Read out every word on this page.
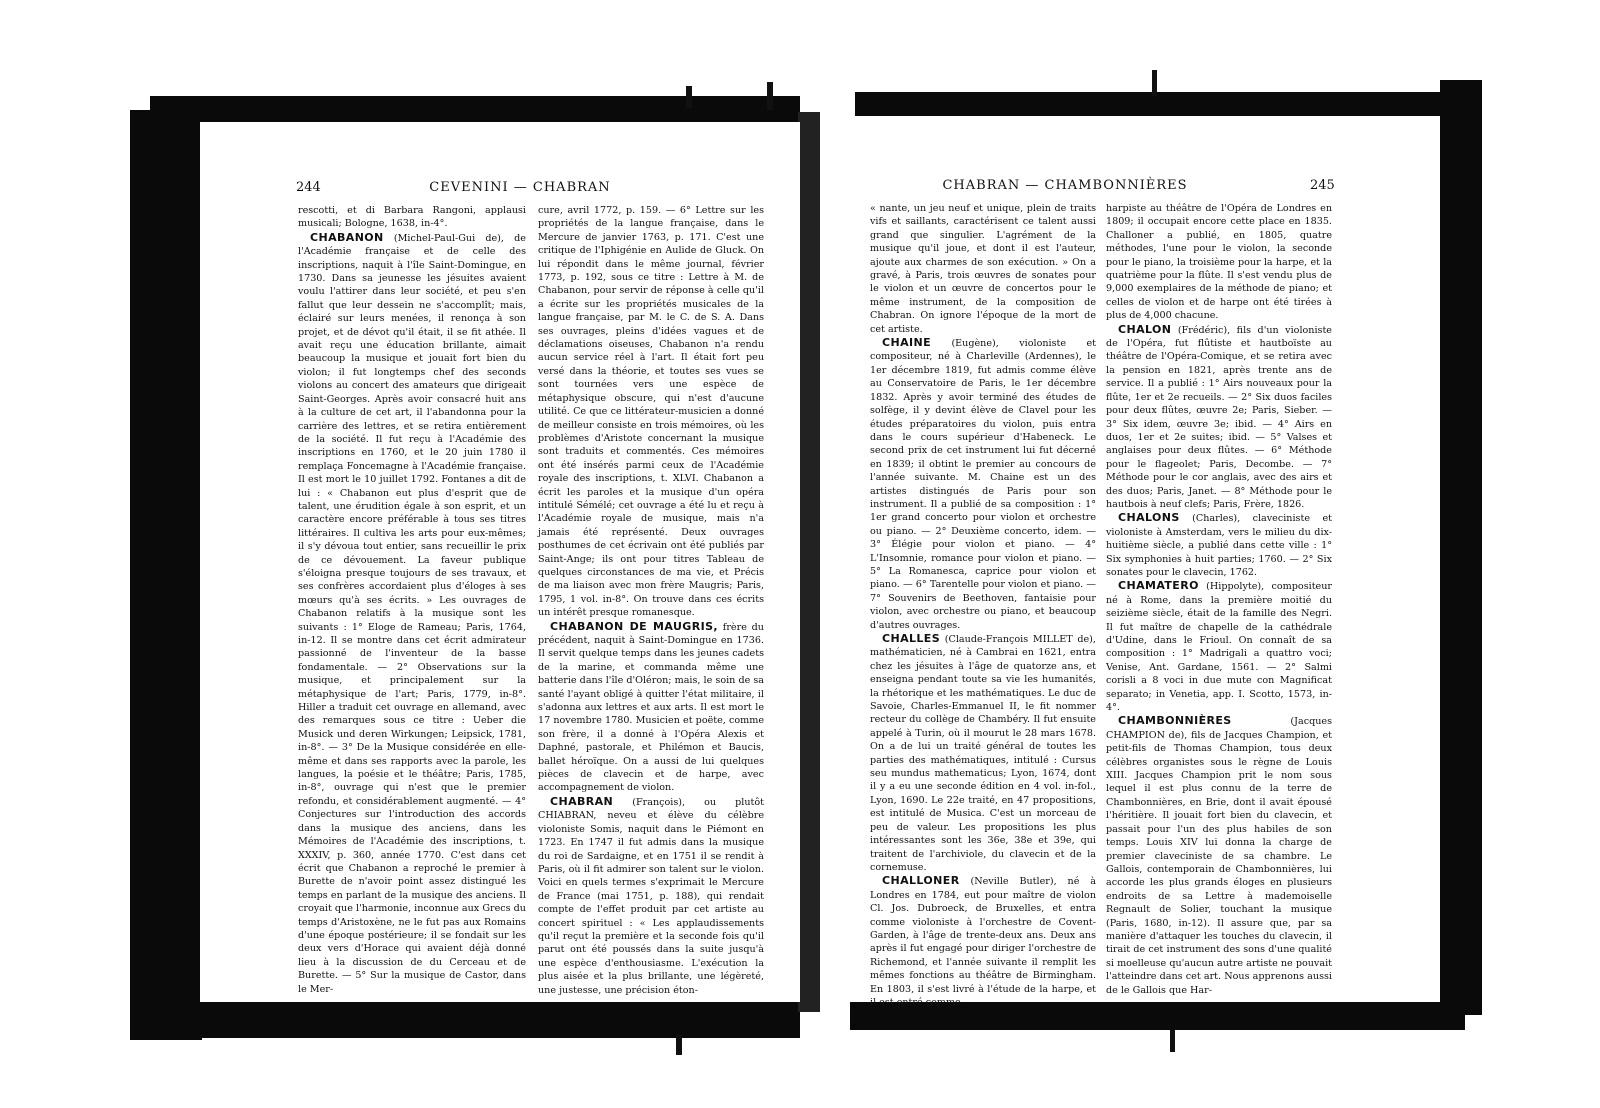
244	CEVENINI — CHABRAN

rescotti, et di Barbara Rangoni, applausi musicali; Bologne, 1638, in-4°.

CHABANON (Michel-Paul-Gui de), de l'Académie française et de celle des inscriptions, naquit à l'île Saint-Domingue, en 1730. Dans sa jeunesse les jésuites avaient voulu l'attirer dans leur société, et peu s'en fallut que leur dessein ne s'accomplît; mais, éclairé sur leurs menées, il renonça à son projet, et de dévot qu'il était, il se fit athée. Il avait reçu une éducation brillante, aimait beaucoup la musique et jouait fort bien du violon; il fut longtemps chef des seconds violons au concert des amateurs que dirigeait Saint-Georges. Après avoir consacré huit ans à la culture de cet art, il l'abandonna pour la carrière des lettres, et se retira entièrement de la société. Il fut reçu à l'Académie des inscriptions en 1760, et le 20 juin 1780 il remplaça Foncemagne à l'Académie française. Il est mort le 10 juillet 1792. Fontanes a dit de lui : « Chabanon eut plus d'esprit que de talent, une érudition égale à son esprit, et un caractère encore préférable à tous ses titres littéraires. Il cultiva les arts pour eux-mêmes; il s'y dévoua tout entier, sans recueillir le prix de ce dévouement. La faveur publique s'éloigna presque toujours de ses travaux, et ses confrères accordaient plus d'éloges à ses mœurs qu'à ses écrits. » Les ouvrages de Chabanon relatifs à la musique sont les suivants : 1° Eloge de Rameau; Paris, 1764, in-12. Il se montre dans cet écrit admirateur passionné de l'inventeur de la basse fondamentale. — 2° Observations sur la musique, et principalement sur la métaphysique de l'art; Paris, 1779, in-8°. Hiller a traduit cet ouvrage en allemand, avec des remarques sous ce titre : Ueber die Musick und deren Wirkungen; Leipsick, 1781, in-8°. — 3° De la Musique considérée en elle-même et dans ses rapports avec la parole, les langues, la poésie et le théâtre; Paris, 1785, in-8°, ouvrage qui n'est que le premier refondu, et considérablement augmenté. — 4° Conjectures sur l'introduction des accords dans la musique des anciens, dans les Mémoires de l'Académie des inscriptions, t. XXXIV, p. 360, année 1770. C'est dans cet écrit que Chabanon a reproché le premier à Burette de n'avoir point assez distingué les temps en parlant de la musique des anciens. Il croyait que l'harmonie, inconnue aux Grecs du temps d'Aristoxène, ne le fut pas aux Romains d'une époque postérieure; il se fondait sur les deux vers d'Horace qui avaient déjà donné lieu à la discussion de du Cerceau et de Burette. — 5° Sur la musique de Castor, dans le Mer-

cure, avril 1772, p. 159. — 6° Lettre sur les propriétés de la langue française, dans le Mercure de janvier 1763, p. 171. C'est une critique de l'Iphigénie en Aulide de Gluck. On lui répondit dans le même journal, février 1773, p. 192, sous ce titre : Lettre à M. de Chabanon, pour servir de réponse à celle qu'il a écrite sur les propriétés musicales de la langue française, par M. le C. de S. A. Dans ses ouvrages, pleins d'idées vagues et de déclamations oiseuses, Chabanon n'a rendu aucun service réel à l'art. Il était fort peu versé dans la théorie, et toutes ses vues se sont tournées vers une espèce de métaphysique obscure, qui n'est d'aucune utilité. Ce que ce littérateur-musicien a donné de meilleur consiste en trois mémoires, où les problèmes d'Aristote concernant la musique sont traduits et commentés. Ces mémoires ont été insérés parmi ceux de l'Académie royale des inscriptions, t. XLVI. Chabanon a écrit les paroles et la musique d'un opéra intitulé Sémélé; cet ouvrage a été lu et reçu à l'Académie royale de musique, mais n'a jamais été représenté. Deux ouvrages posthumes de cet écrivain ont été publiés par Saint-Ange; ils ont pour titres Tableau de quelques circonstances de ma vie, et Précis de ma liaison avec mon frère Maugris; Paris, 1795, 1 vol. in-8°. On trouve dans ces écrits un intérêt presque romanesque.

CHABANON DE MAUGRIS, frère du précédent, naquit à Saint-Domingue en 1736. Il servit quelque temps dans les jeunes cadets de la marine, et commanda même une batterie dans l'île d'Oléron; mais, le soin de sa santé l'ayant obligé à quitter l'état militaire, il s'adonna aux lettres et aux arts. Il est mort le 17 novembre 1780. Musicien et poëte, comme son frère, il a donné à l'Opéra Alexis et Daphné, pastorale, et Philémon et Baucis, ballet héroïque. On a aussi de lui quelques pièces de clavecin et de harpe, avec accompagnement de violon.

CHABRAN (François), ou plutôt CHIABRAN, neveu et élève du célèbre violoniste Somis, naquit dans le Piémont en 1723. En 1747 il fut admis dans la musique du roi de Sardaigne, et en 1751 il se rendit à Paris, où il fit admirer son talent sur le violon. Voici en quels termes s'exprimait le Mercure de France (mai 1751, p. 188), qui rendait compte de l'effet produit par cet artiste au concert spirituel : « Les applaudissements qu'il reçut la première et la seconde fois qu'il parut ont été poussés dans la suite jusqu'à une espèce d'enthousiasme. L'exécution la plus aisée et la plus brillante, une légèreté, une justesse, une précision éton-

CHABRAN — CHAMBONNIÈRES	245

« nante, un jeu neuf et unique, plein de traits vifs et saillants, caractérisent ce talent aussi grand que singulier. L'agrément de la musique qu'il joue, et dont il est l'auteur, ajoute aux charmes de son exécution. » On a gravé, à Paris, trois œuvres de sonates pour le violon et un œuvre de concertos pour le même instrument, de la composition de Chabran. On ignore l'époque de la mort de cet artiste.

CHAINE (Eugène), violoniste et compositeur, né à Charleville (Ardennes), le 1er décembre 1819, fut admis comme élève au Conservatoire de Paris, le 1er décembre 1832. Après y avoir terminé des études de solfège, il y devint élève de Clavel pour les études préparatoires du violon, puis entra dans le cours supérieur d'Habeneck. Le second prix de cet instrument lui fut décerné en 1839; il obtint le premier au concours de l'année suivante. M. Chaine est un des artistes distingués de Paris pour son instrument. Il a publié de sa composition : 1° 1er grand concerto pour violon et orchestre ou piano. — 2° Deuxième concerto, idem. — 3° Élégie pour violon et piano. — 4° L'Insomnie, romance pour violon et piano. — 5° La Romanesca, caprice pour violon et piano. — 6° Tarentelle pour violon et piano. — 7° Souvenirs de Beethoven, fantaisie pour violon, avec orchestre ou piano, et beaucoup d'autres ouvrages.

CHALLES (Claude-François MILLET de), mathématicien, né à Cambrai en 1621, entra chez les jésuites à l'âge de quatorze ans, et enseigna pendant toute sa vie les humanités, la rhétorique et les mathématiques. Le duc de Savoie, Charles-Emmanuel II, le fit nommer recteur du collège de Chambéry. Il fut ensuite appelé à Turin, où il mourut le 28 mars 1678. On a de lui un traité général de toutes les parties des mathématiques, intitulé : Cursus seu mundus mathematicus; Lyon, 1674, dont il y a eu une seconde édition en 4 vol. in-fol., Lyon, 1690. Le 22e traité, en 47 propositions, est intitulé de Musica. C'est un morceau de peu de valeur. Les propositions les plus intéressantes sont les 36e, 38e et 39e, qui traitent de l'archiviole, du clavecin et de la cornemuse.

CHALLONER (Neville Butler), né à Londres en 1784, eut pour maître de violon Cl. Jos. Dubroeck, de Bruxelles, et entra comme violoniste à l'orchestre de Covent-Garden, à l'âge de trente-deux ans. Deux ans après il fut engagé pour diriger l'orchestre de Richemond, et l'année suivante il remplit les mêmes fonctions au théâtre de Birmingham. En 1803, il s'est livré à l'étude de la harpe, et il est entré comme

harpiste au théâtre de l'Opéra de Londres en 1809; il occupait encore cette place en 1835. Challoner a publié, en 1805, quatre méthodes, l'une pour le violon, la seconde pour le piano, la troisième pour la harpe, et la quatrième pour la flûte. Il s'est vendu plus de 9,000 exemplaires de la méthode de piano; et celles de violon et de harpe ont été tirées à plus de 4,000 chacune.

CHALON (Frédéric), fils d'un violoniste de l'Opéra, fut flûtiste et hautboïste au théâtre de l'Opéra-Comique, et se retira avec la pension en 1821, après trente ans de service. Il a publié : 1° Airs nouveaux pour la flûte, 1er et 2e recueils. — 2° Six duos faciles pour deux flûtes, œuvre 2e; Paris, Sieber. — 3° Six idem, œuvre 3e; ibid. — 4° Airs en duos, 1er et 2e suites; ibid. — 5° Valses et anglaises pour deux flûtes. — 6° Méthode pour le flageolet; Paris, Decombe. — 7° Méthode pour le cor anglais, avec des airs et des duos; Paris, Janet. — 8° Méthode pour le hautbois à neuf clefs; Paris, Frère, 1826.

CHALONS (Charles), claveciniste et violoniste à Amsterdam, vers le milieu du dix-huitième siècle, a publié dans cette ville : 1° Six symphonies à huit parties; 1760. — 2° Six sonates pour le clavecin, 1762.

CHAMATERO (Hippolyte), compositeur né à Rome, dans la première moitié du seizième siècle, était de la famille des Negri. Il fut maître de chapelle de la cathédrale d'Udine, dans le Frioul. On connaît de sa composition : 1° Madrigali a quattro voci; Venise, Ant. Gardane, 1561. — 2° Salmi corisli a 8 voci in due mute con Magnificat separato; in Venetia, app. I. Scotto, 1573, in-4°.

CHAMBONNIÈRES	(Jacques CHAMPION de), fils de Jacques Champion, et petit-fils de Thomas Champion, tous deux célèbres organistes sous le règne de Louis XIII. Jacques Champion prit le nom sous lequel il est plus connu de la terre de Chambonnières, en Brie, dont il avait épousé l'héritière. Il jouait fort bien du clavecin, et passait pour l'un des plus habiles de son temps. Louis XIV lui donna la charge de premier claveciniste de sa chambre. Le Gallois, contemporain de Chambonnières, lui accorde les plus grands éloges en plusieurs endroits de sa Lettre à mademoiselle Regnault de Solier, touchant la musique (Paris, 1680, in-12). Il assure que, par sa manière d'attaquer les touches du clavecin, il tirait de cet instrument des sons d'une qualité si moelleuse qu'aucun autre artiste ne pouvait l'atteindre dans cet art. Nous apprenons aussi de le Gallois que Har-
